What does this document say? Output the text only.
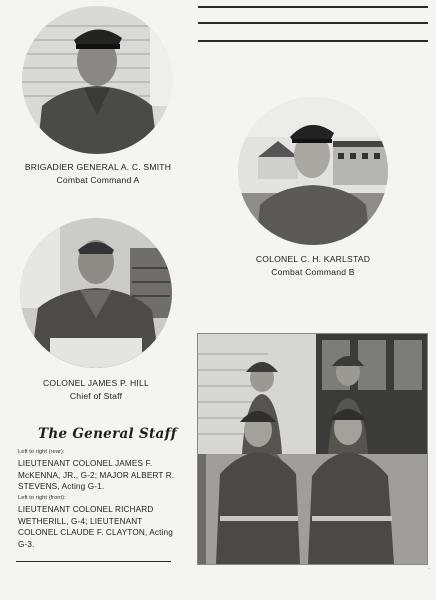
BRIGADIER GENERAL A. C. SMITH
Combat Command A
COLONEL C. H. KARLSTAD
Combat Command B
COLONEL JAMES P. HILL
Chief of Staff
The General Staff
Left to right (rear):
LIEUTENANT COLONEL JAMES F. McKENNA, JR., G-2; MAJOR ALBERT R. STEVENS, Acting G-1.
Left to right (front):
LIEUTENANT COLONEL RICHARD WETHERILL, G-4; LIEUTENANT COLONEL CLAUDE F. CLAYTON, Acting G-3.
·
